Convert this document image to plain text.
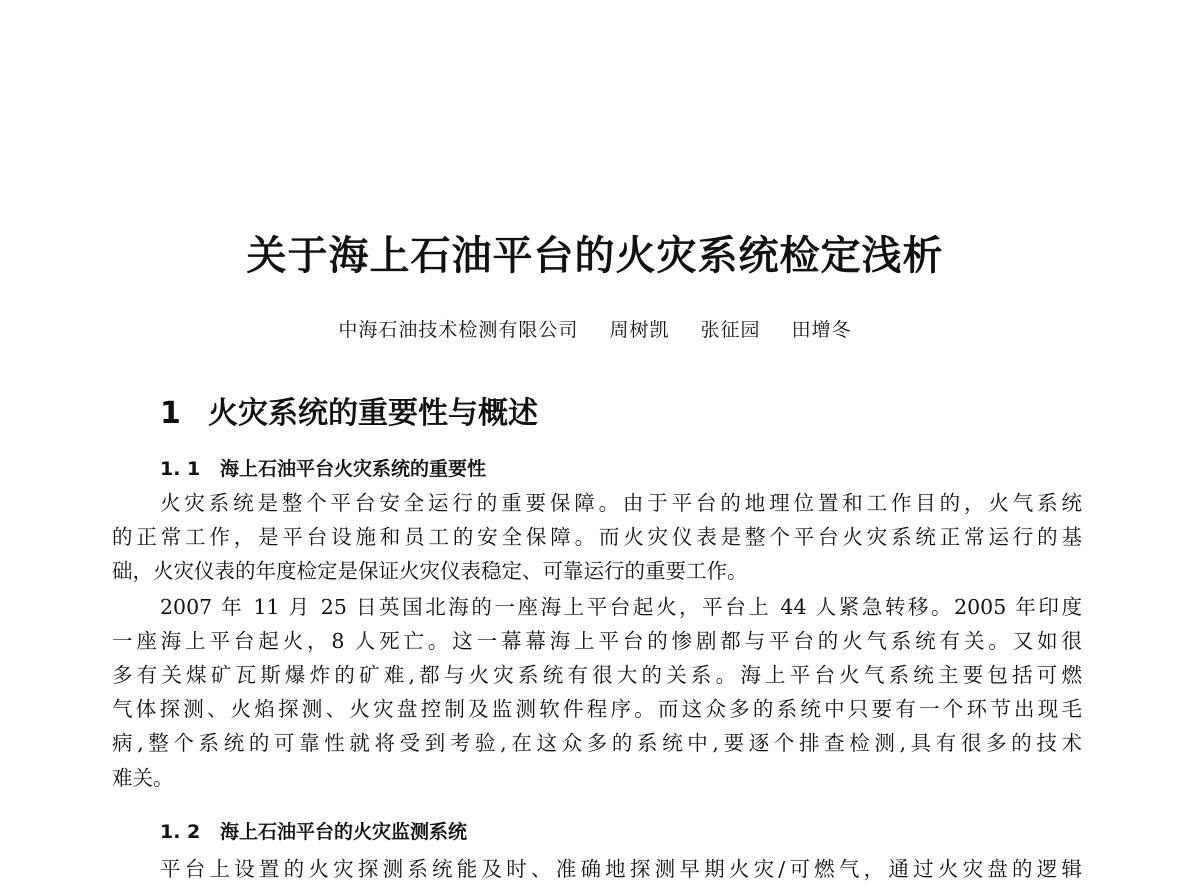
关于海上石油平台的火灾系统检定浅析
中海石油技术检测有限公司 周树凯 张征园 田增冬
1 火灾系统的重要性与概述
1. 1 海上石油平台火灾系统的重要性
火灾系统是整个平台安全运行的重要保障。由于平台的地理位置和工作目的，火气系统
的正常工作，是平台设施和员工的安全保障。而火灾仪表是整个平台火灾系统正常运行的基
础，火灾仪表的年度检定是保证火灾仪表稳定、可靠运行的重要工作。
2007 年 11 月 25 日英国北海的一座海上平台起火，平台上 44 人紧急转移。2005 年印度
一座海上平台起火，8 人死亡。这一幕幕海上平台的惨剧都与平台的火气系统有关。又如很
多有关煤矿瓦斯爆炸的矿难,都与火灾系统有很大的关系。海上平台火气系统主要包括可燃
气体探测、火焰探测、火灾盘控制及监测软件程序。而这众多的系统中只要有一个环节出现毛
病,整个系统的可靠性就将受到考验,在这众多的系统中,要逐个排查检测,具有很多的技术
难关。
1. 2 海上石油平台的火灾监测系统
平台上设置的火灾探测系统能及时、准确地探测早期火灾/可燃气，通过火灾盘的逻辑
